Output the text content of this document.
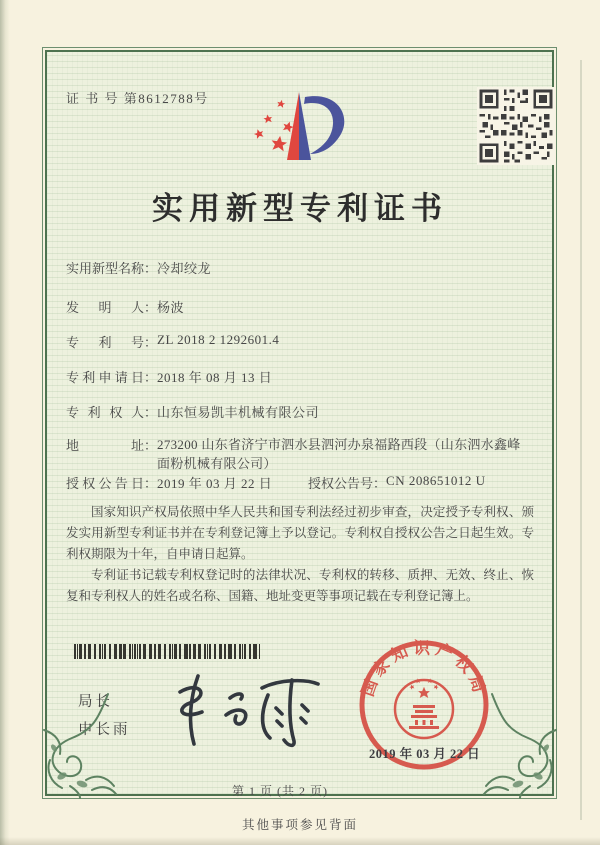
证 书 号 第8612788号
实用新型专利证书
实用新型名称：冷却绞龙
发明人：杨波
专利号：ZL 2018 2 1292601.4
专利申请日：2018 年 08 月 13 日
专利权人：山东恒易凯丰机械有限公司
地址：273200 山东省济宁市泗水县泗河办泉福路西段（山东泗水鑫峰面粉机械有限公司）
授权公告日：2019 年 03 月 22 日	授权公告号：CN 208651012 U

国家知识产权局依照中华人民共和国专利法经过初步审查，决定授予专利权、颁发实用新型专利证书并在专利登记簿上予以登记。专利权自授权公告之日起生效。专利权期限为十年，自申请日起算。

专利证书记载专利权登记时的法律状况、专利权的转移、质押、无效、终止、恢复和专利权人的姓名或名称、国籍、地址变更等事项记载在专利登记簿上。

局长
申长雨
国家知识产权局
2019 年 03 月 22 日
第 1 页 (共 2 页)
其他事项参见背面
